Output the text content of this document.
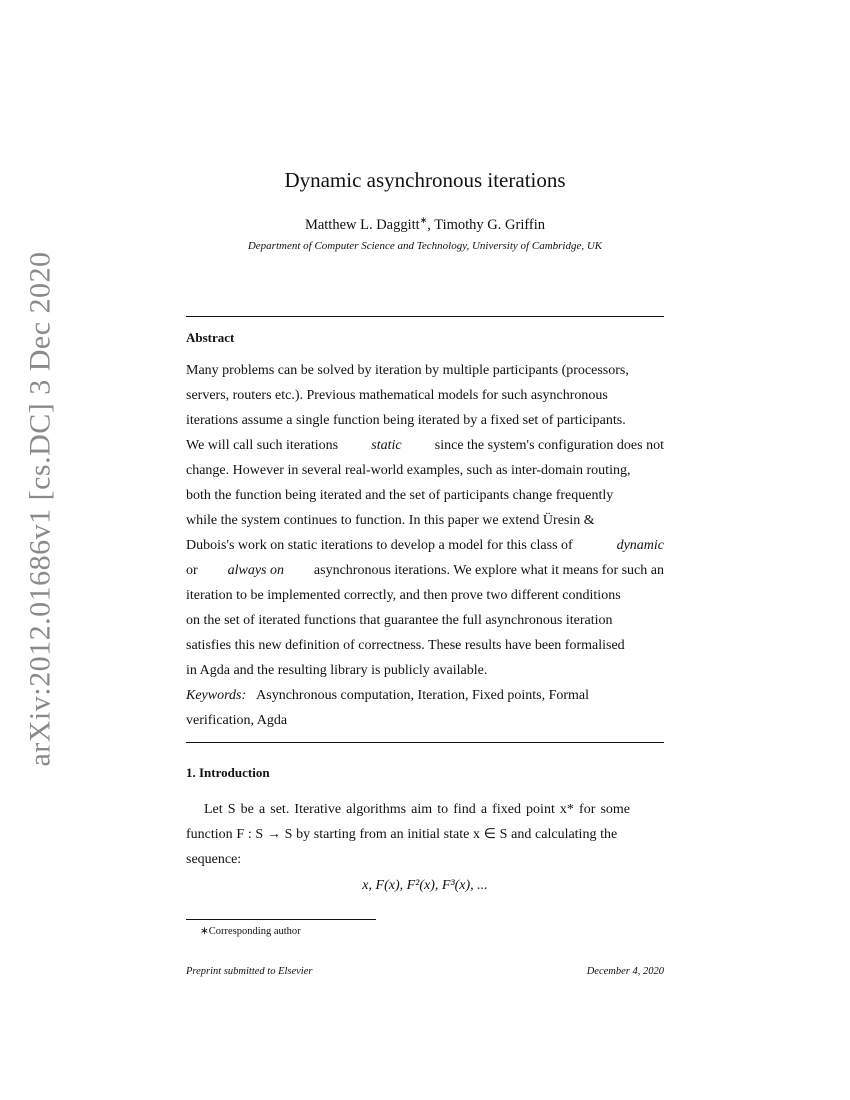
arXiv:2012.01686v1 [cs.DC] 3 Dec 2020
Dynamic asynchronous iterations
Matthew L. Daggitt∗, Timothy G. Griffin
Department of Computer Science and Technology, University of Cambridge, UK
Abstract
Many problems can be solved by iteration by multiple participants (processors,
servers, routers etc.). Previous mathematical models for such asynchronous
iterations assume a single function being iterated by a fixed set of participants.
We will call such iterations static since the system's configuration does not
change. However in several real-world examples, such as inter-domain routing,
both the function being iterated and the set of participants change frequently
while the system continues to function. In this paper we extend Üresin &
Dubois's work on static iterations to develop a model for this class of	dynamic
or always on asynchronous iterations. We explore what it means for such an
iteration to be implemented correctly, and then prove two different conditions
on the set of iterated functions that guarantee the full asynchronous iteration
satisfies this new definition of correctness. These results have been formalised
in Agda and the resulting library is publicly available.
Keywords: Asynchronous computation, Iteration, Fixed points, Formal
verification, Agda
1. Introduction
Let S be a set. Iterative algorithms aim to find a fixed point x* for some
function F : S → S by starting from an initial state x ∈ S and calculating the
sequence:
x, F(x), F²(x), F³(x), ...
∗Corresponding author
Preprint submitted to Elsevier	December 4, 2020
